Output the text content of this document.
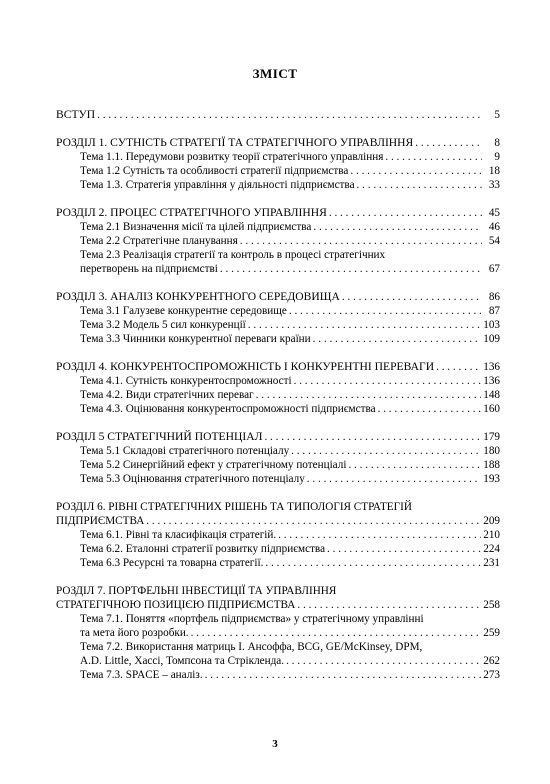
ЗМІСТ
ВСТУП . . .	5
РОЗДІЛ 1. СУТНІСТЬ СТРАТЕГІЇ ТА СТРАТЕГІЧНОГО УПРАВЛІННЯ . . .	8
Тема 1.1. Передумови розвитку теорії стратегічного управління . . .	9
Тема 1.2 Сутність та особливості стратегії підприємства . . .	18
Тема 1.3. Стратегія управління у діяльності підприємства . . .	33
РОЗДІЛ 2. ПРОЦЕС СТРАТЕГІЧНОГО УПРАВЛІННЯ . . .	45
Тема 2.1 Визначення місії та цілей підприємства . . .	46
Тема 2.2 Стратегічне планування . . .	54
Тема 2.3 Реалізація стратегії та контроль в процесі стратегічних
перетворень на підприємстві . . .	67
РОЗДІЛ 3. АНАЛІЗ КОНКУРЕНТНОГО СЕРЕДОВИЩА . . .	86
Тема 3.1 Галузеве конкурентне середовище . . .	87
Тема 3.2 Модель 5 сил конкуренції . . .	103
Тема 3.3 Чинники конкурентної переваги країни . . .	109
РОЗДІЛ 4. КОНКУРЕНТОСПРОМОЖНІСТЬ І КОНКУРЕНТНІ ПЕРЕВАГИ . . .	136
Тема 4.1. Сутність конкурентоспроможності . . .	136
Тема 4.2. Види стратегічних переваг . . .	148
Тема 4.3. Оцінювання конкурентоспроможності підприємства . . .	160
РОЗДІЛ 5 СТРАТЕГІЧНИЙ ПОТЕНЦІАЛ . . .	179
Тема 5.1 Складові стратегічного потенціалу . . .	180
Тема 5.2 Синергійний ефект у стратегічному потенціалі . . .	188
Тема 5.3 Оцінювання стратегічного потенціалу . . .	193
РОЗДІЛ 6. РІВНІ СТРАТЕГІЧНИХ РІШЕНЬ ТА ТИПОЛОГІЯ СТРАТЕГІЙ
ПІДПРИЄМСТВА . . .	209
Тема 6.1. Рівні та класифікація стратегій. . . .	210
Тема 6.2. Еталонні стратегії розвитку підприємства . . .	224
Тема 6.3 Ресурсні та товарна стратегії. . . .	231
РОЗДІЛ 7. ПОРТФЕЛЬНІ ІНВЕСТИЦІЇ ТА УПРАВЛІННЯ
СТРАТЕГІЧНОЮ ПОЗИЦІЄЮ ПІДПРИЄМСТВА . . .	258
Тема 7.1. Поняття «портфель підприємства» у стратегічному управлінні
та мета його розробки. . . .	259
Тема 7.2. Використання матриць І. Ансоффа, BCG, GE/McKinsey, DPM,
A.D. Little, Хассі, Томпсона та Стрікленда. . . .	262
Тема 7.3. SPACE – аналіз. . . .	273
3
